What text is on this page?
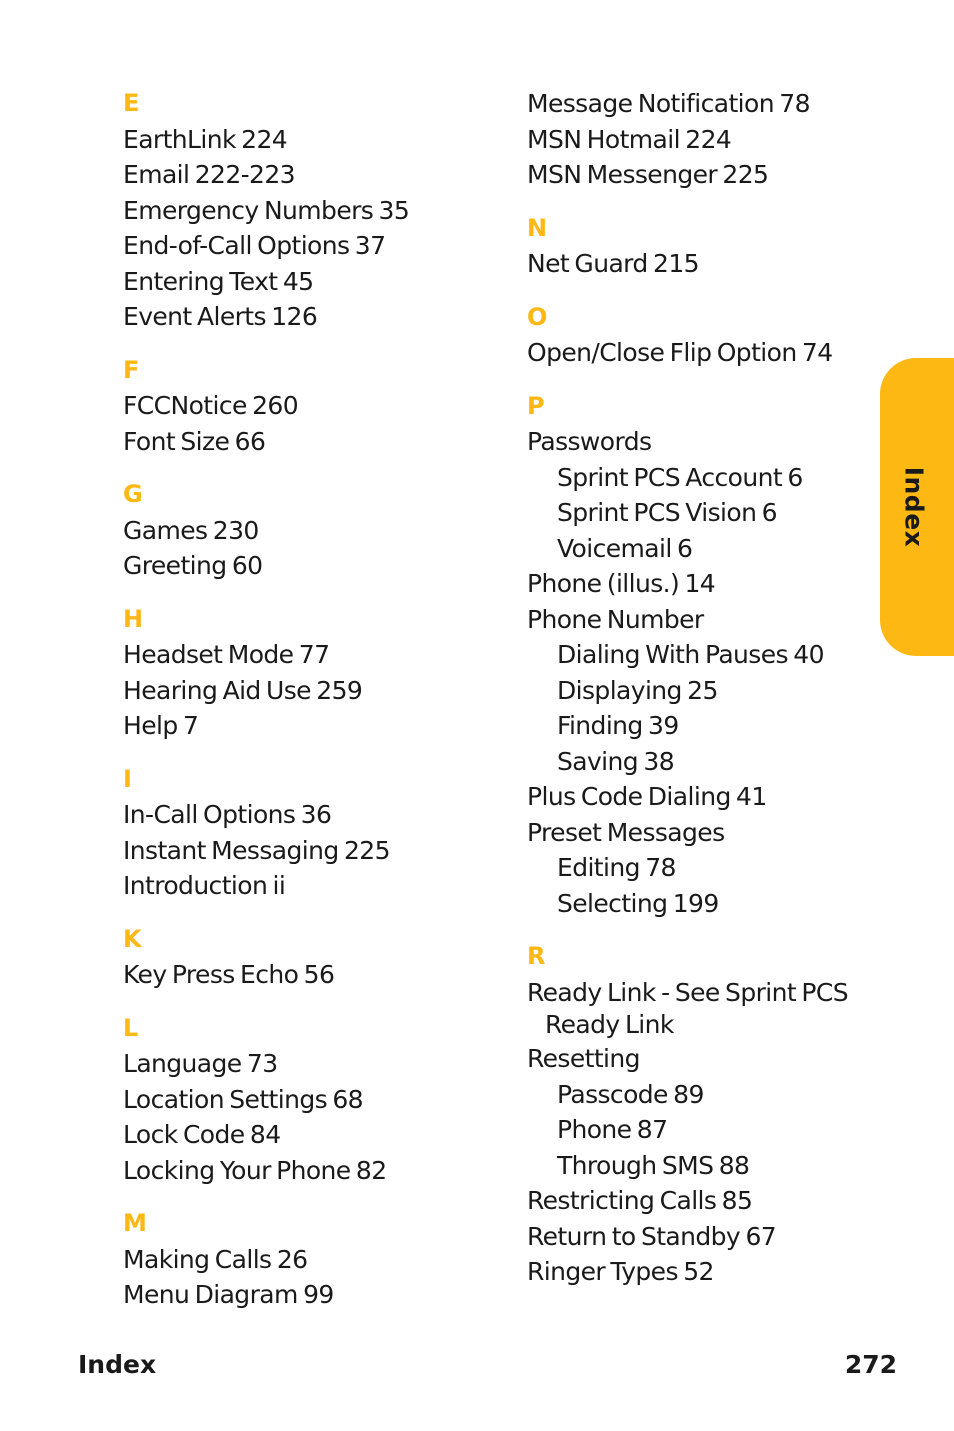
E
EarthLink 224
Email 222-223
Emergency Numbers 35
End-of-Call Options 37
Entering Text 45
Event Alerts 126
F
FCCNotice 260
Font Size 66
G
Games 230
Greeting 60
H
Headset Mode 77
Hearing Aid Use 259
Help 7
I
In-Call Options 36
Instant Messaging 225
Introduction ii
K
Key Press Echo 56
L
Language 73
Location Settings 68
Lock Code 84
Locking Your Phone 82
M
Making Calls 26
Menu Diagram 99
Message Notification 78
MSN Hotmail 224
MSN Messenger 225
N
Net Guard 215
O
Open/Close Flip Option 74
P
Passwords
Sprint PCS Account 6
Sprint PCS Vision 6
Voicemail 6
Phone (illus.) 14
Phone Number
Dialing With Pauses 40
Displaying 25
Finding 39
Saving 38
Plus Code Dialing 41
Preset Messages
Editing 78
Selecting 199
R
Ready Link - See Sprint PCS
Ready Link
Resetting
Passcode 89
Phone 87
Through SMS 88
Restricting Calls 85
Return to Standby 67
Ringer Types 52
Index
Index	272
